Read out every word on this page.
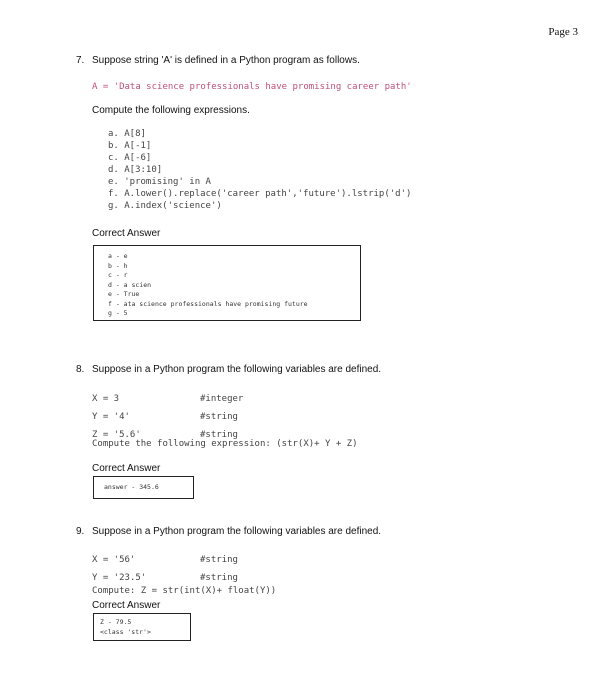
Page 3
7. Suppose string 'A' is defined in a Python program as follows.
A = 'Data science professionals have promising career path'
Compute the following expressions.
a. A[8]
b. A[-1]
c. A[-6]
d. A[3:10]
e. 'promising' in A
f. A.lower().replace('career path','future').lstrip('d')
g. A.index('science')
Correct Answer
a - e
b - h
c - r
d - a scien
e - True
f - ata science professionals have promising future
g - 5
8. Suppose in a Python program the following variables are defined.
X = 3	#integer
Y = '4'	#string
Z = '5.6'	#string
Compute the following expression: (str(X)+ Y + Z)
Correct Answer
answer - 345.6
9. Suppose in a Python program the following variables are defined.
X = '56'	#string
Y = '23.5'	#string
Compute: Z = str(int(X)+ float(Y))
Correct Answer
Z - 79.5
<class 'str'>
